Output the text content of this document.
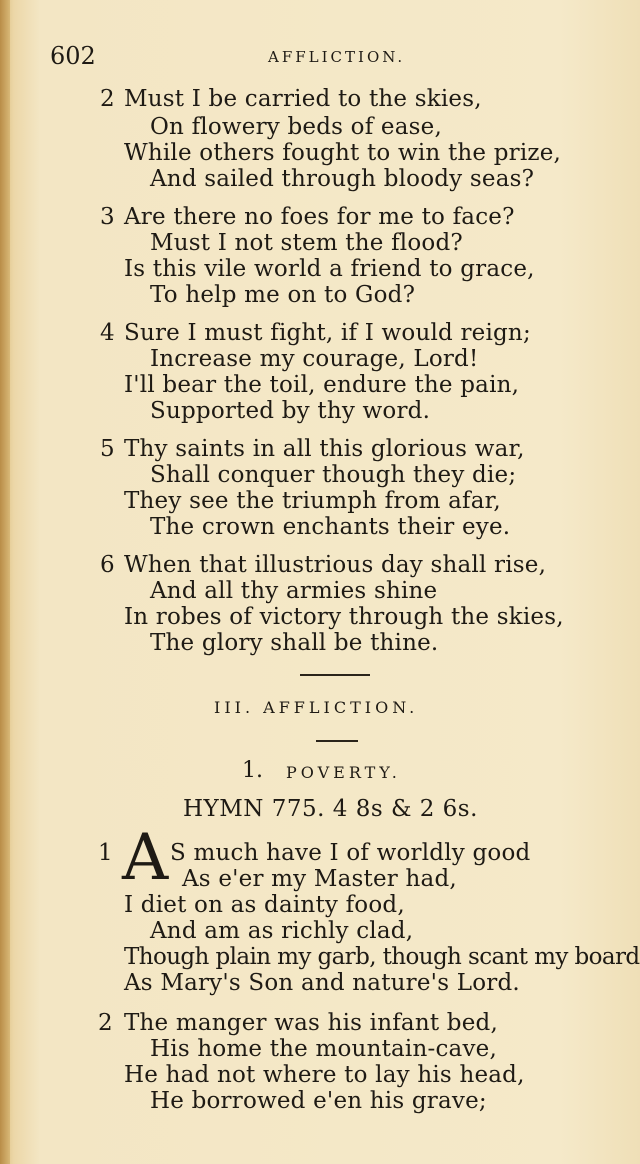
602	AFFLICTION.
2 Must I be carried to the skies,
On flowery beds of ease,
While others fought to win the prize,
And sailed through bloody seas?
3 Are there no foes for me to face?
Must I not stem the flood?
Is this vile world a friend to grace,
To help me on to God?
4 Sure I must fight, if I would reign;
Increase my courage, Lord!
I'll bear the toil, endure the pain,
Supported by thy word.
5 Thy saints in all this glorious war,
Shall conquer though they die;
They see the triumph from afar,
The crown enchants their eye.
6 When that illustrious day shall rise,
And all thy armies shine
In robes of victory through the skies,
The glory shall be thine.
III. AFFLICTION.
1. POVERTY.
HYMN 775. 4 8s & 2 6s.
1 A S much have I of worldly good
As e'er my Master had,
I diet on as dainty food,
And am as richly clad,
Though plain my garb, though scant my board
As Mary's Son and nature's Lord.
2 The manger was his infant bed,
His home the mountain-cave,
He had not where to lay his head,
He borrowed e'en his grave;
